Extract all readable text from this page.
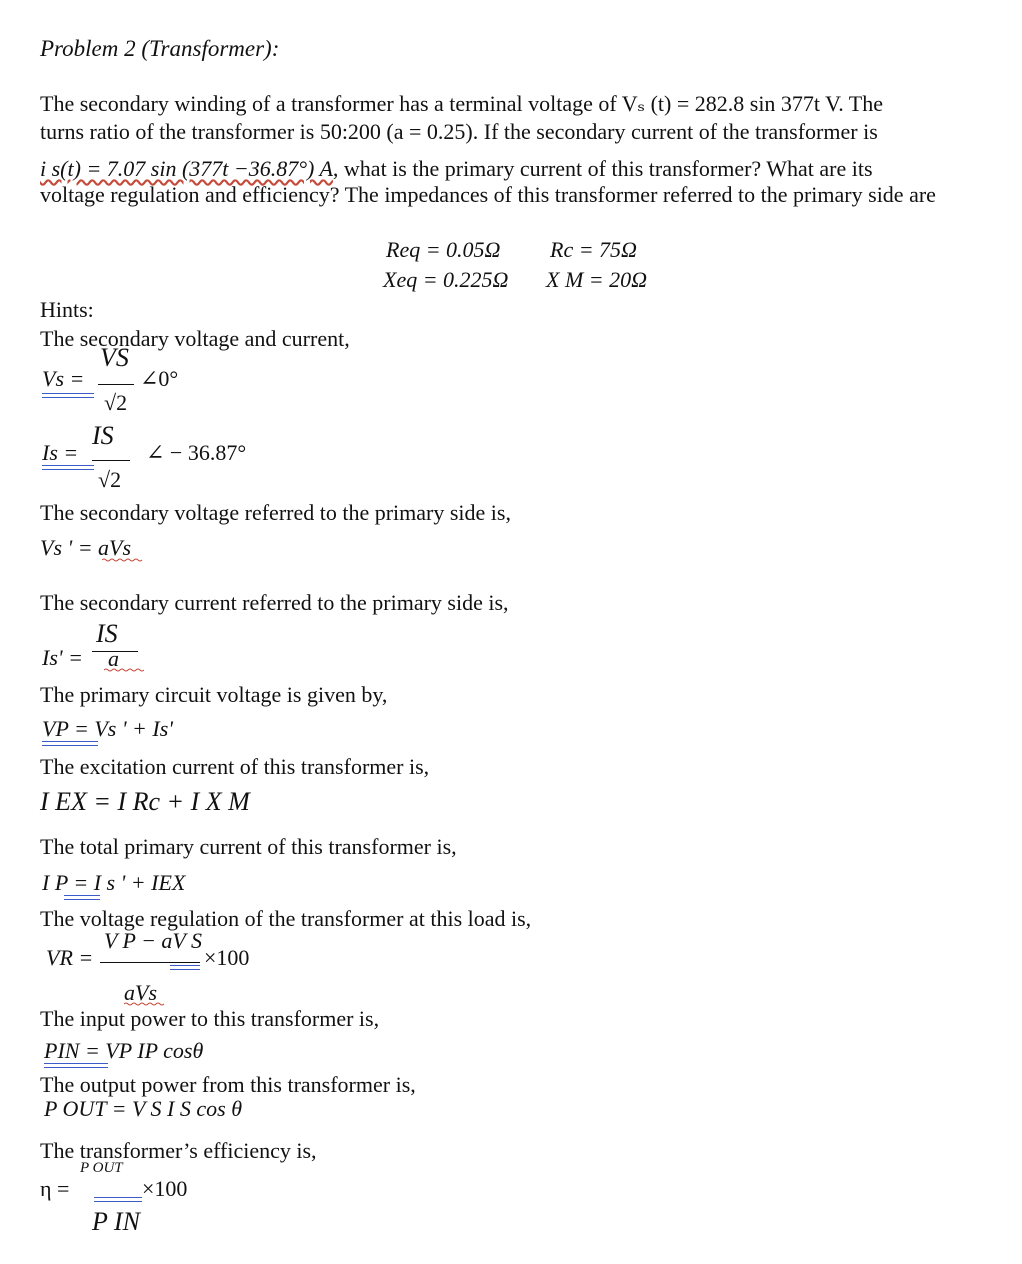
Problem 2 (Transformer):
The secondary winding of a transformer has a terminal voltage of Vₛ (t) = 282.8 sin 377t V. The
turns ratio of the transformer is 50:200 (a = 0.25). If the secondary current of the transformer is
i s(t) = 7.07 sin (377t −36.87°) A, what is the primary current of this transformer? What are its
voltage regulation and efficiency? The impedances of this transformer referred to the primary side are
Req = 0.05Ω Rc = 75Ω
Xeq = 0.225Ω X M = 20Ω
Hints:
The secondary voltage and current,
Vs =
VS
√2
∠0°
Is =
IS
√2
∠ − 36.87°
The secondary voltage referred to the primary side is,
Vs ' = aVs
The secondary current referred to the primary side is,
Is' =
IS
a
The primary circuit voltage is given by,
VP = Vs ' + Is'
The excitation current of this transformer is,
I EX = I Rc + I X M
The total primary current of this transformer is,
I P = I s ' + IEX
The voltage regulation of the transformer at this load is,
VR =
V P − aV S
×100
aVs
The input power to this transformer is,
PIN = VP IP cosθ
The output power from this transformer is,
P OUT = V S I S cos θ
The transformer’s efficiency is,
η =
P OUT
×100
P IN
